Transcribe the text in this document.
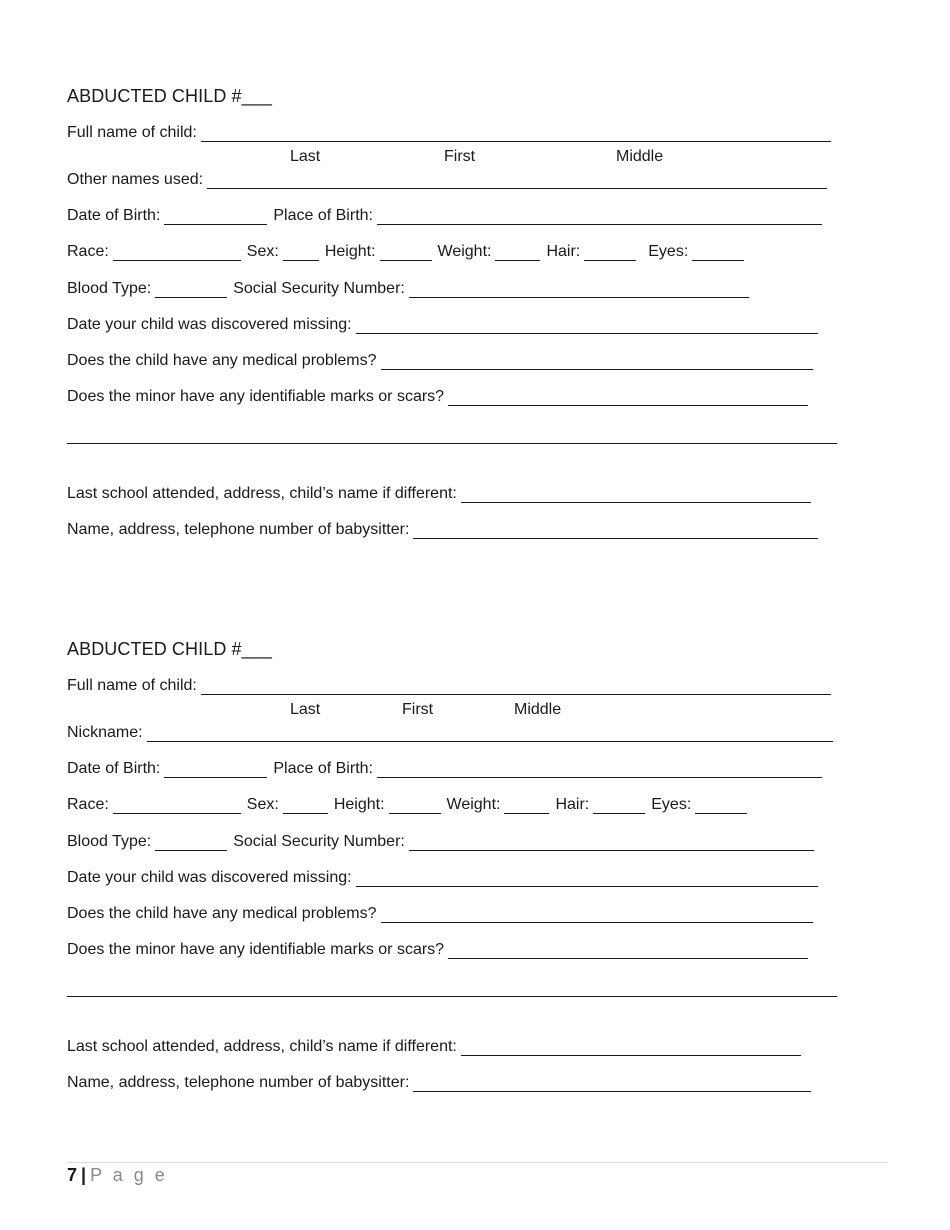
ABDUCTED CHILD #___
Full name of child:
Last	First	Middle
Other names used:
Date of Birth:	Place of Birth:
Race:	Sex:	Height:	Weight:	Hair:	Eyes:
Blood Type:	Social Security Number:
Date your child was discovered missing:
Does the child have any medical problems?
Does the minor have any identifiable marks or scars?
Last school attended, address, child’s name if different:
Name, address, telephone number of babysitter:
ABDUCTED CHILD #___
Full name of child:
Last	First	Middle
Nickname:
Date of Birth:	Place of Birth:
Race:	Sex:	Height:	Weight:	Hair:	Eyes:
Blood Type:	Social Security Number:
Date your child was discovered missing:
Does the child have any medical problems?
Does the minor have any identifiable marks or scars?
Last school attended, address, child’s name if different:
Name, address, telephone number of babysitter:
7 | P a g e
